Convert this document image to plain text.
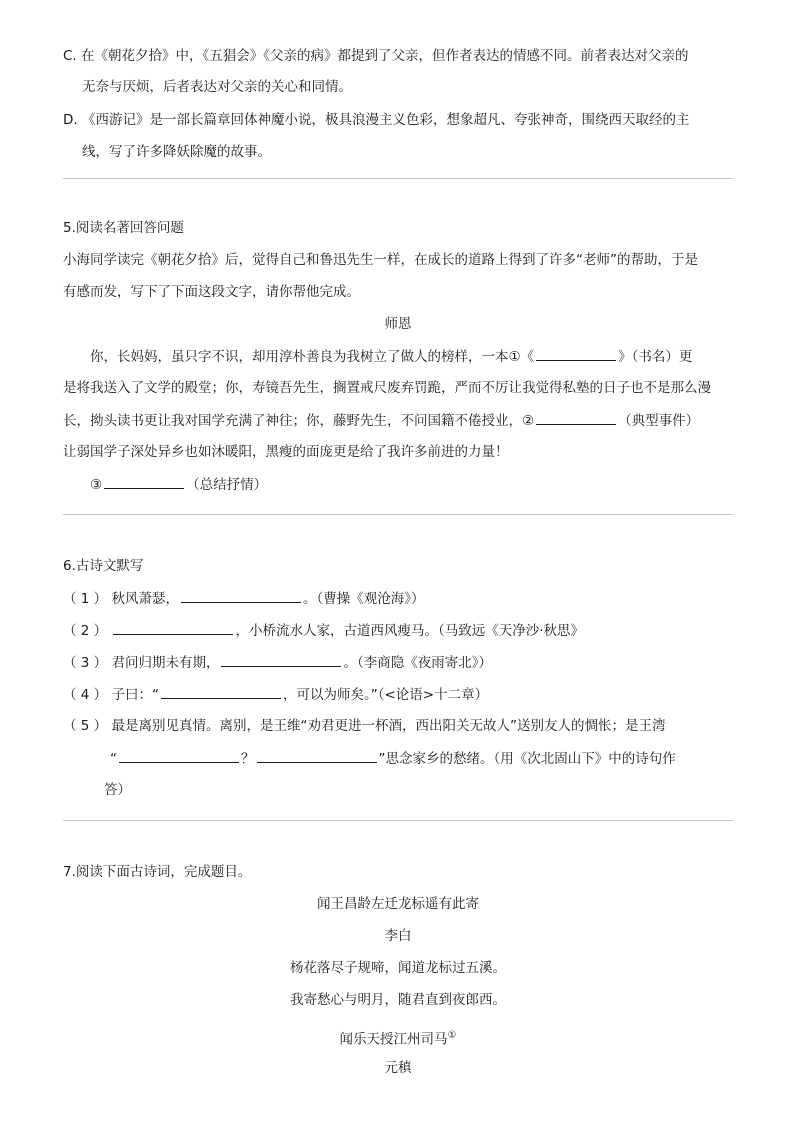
C. 在《朝花夕拾》中，《五猖会》《父亲的病》都提到了父亲，但作者表达的情感不同。前者表达对父亲的
无奈与厌烦，后者表达对父亲的关心和同情。
D. 《西游记》是一部长篇章回体神魔小说，极具浪漫主义色彩，想象超凡、夸张神奇，围绕西天取经的主
线，写了许多降妖除魔的故事。
5.阅读名著回答问题
小海同学读完《朝花夕拾》后，觉得自己和鲁迅先生一样，在成长的道路上得到了许多“老师”的帮助，于是
有感而发，写下了下面这段文字，请你帮他完成。
师恩
你，长妈妈，虽只字不识，却用淳朴善良为我树立了做人的榜样，一本①《	》（书名）更
是将我送入了文学的殿堂；你，寿镜吾先生，搁置戒尺废弃罚跪，严而不厉让我觉得私塾的日子也不是那么漫
长，拗头读书更让我对国学充满了神往；你，藤野先生，不问国籍不倦授业，②	（典型事件）
让弱国学子深处异乡也如沐暖阳，黑瘦的面庞更是给了我许多前进的力量！
③	（总结抒情）
6.古诗文默写
（ 1 ） 秋风萧瑟，	。（曹操《观沧海》）
（ 2 ）	，小桥流水人家，古道西风瘦马。（马致远《天净沙·秋思》
（ 3 ） 君问归期未有期，	。（李商隐《夜雨寄北》）
（ 4 ） 子曰：“	，可以为师矣。”（<论语>十二章）
（ 5 ） 最是离别见真情。离别，是王维“劝君更进一杯酒，西出阳关无故人”送别友人的惆怅；是王湾
“	？	”思念家乡的愁绪。（用《次北固山下》中的诗句作
答）
7.阅读下面古诗词，完成题目。
闻王昌龄左迁龙标遥有此寄
李白
杨花落尽子规啼，闻道龙标过五溪。
我寄愁心与明月，随君直到夜郎西。
闻乐天授江州司马①
元稹
